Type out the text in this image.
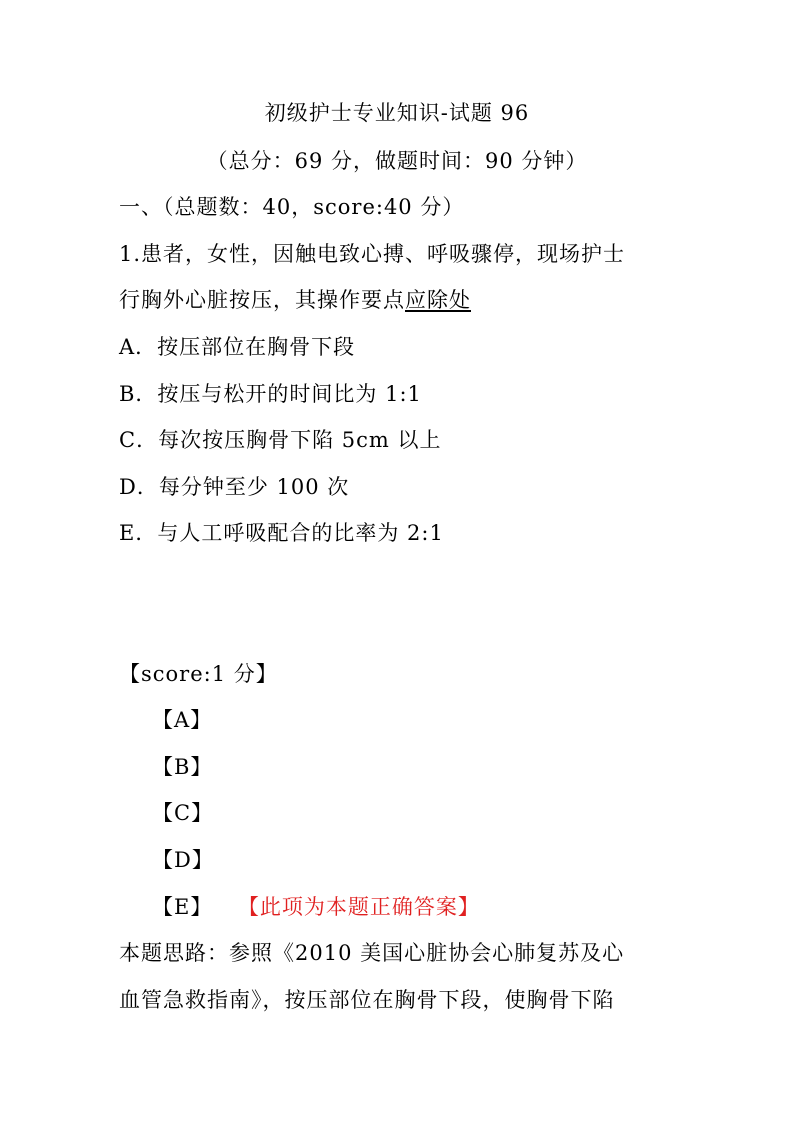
初级护士专业知识-试题 96
（总分：69 分，做题时间：90 分钟）
一、（总题数：40，score:40 分）
1.患者，女性，因触电致心搏、呼吸骤停，现场护士
行胸外心脏按压，其操作要点应除处
A．按压部位在胸骨下段
B．按压与松开的时间比为 1:1
C．每次按压胸骨下陷 5cm 以上
D．每分钟至少 100 次
E．与人工呼吸配合的比率为 2:1
【score:1 分】
【A】
【B】
【C】
【D】
【E】 【此项为本题正确答案】
本题思路：参照《2010 美国心脏协会心肺复苏及心
血管急救指南》，按压部位在胸骨下段，使胸骨下陷
